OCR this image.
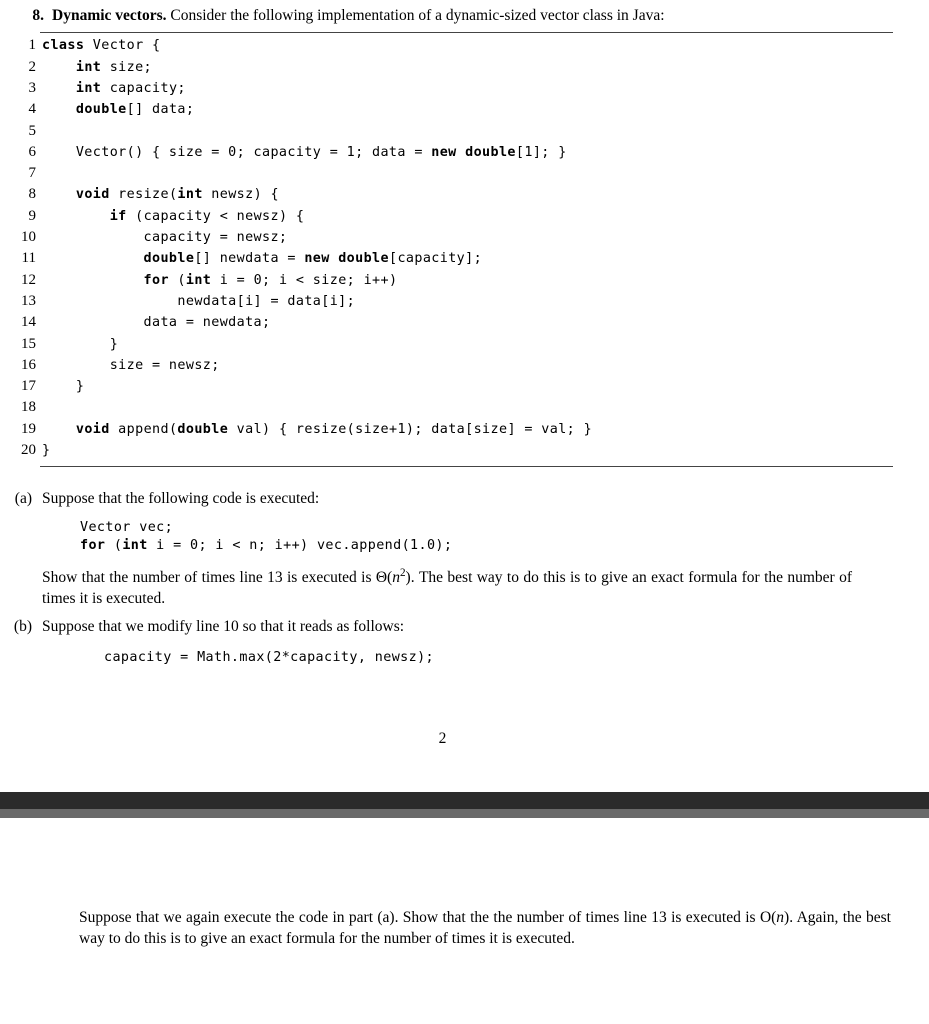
8. Dynamic vectors. Consider the following implementation of a dynamic-sized vector class in Java:
1 class Vector {
2	int size;
3	int capacity;
4	double[] data;
5
6 Vector() { size = 0; capacity = 1; data = new double[1]; }
7
8	void resize(int newsz) {
9	if (capacity < newsz) {
10 capacity = newsz;
11	double[] newdata = new double[capacity];
12	for (int i = 0; i < size; i++)
13 newdata[i] = data[i];
14 data = newdata;
15 }
16 size = newsz;
17 }
18
19	void append(double val) { resize(size+1); data[size] = val; }
20 }
(a) Suppose that the following code is executed:

Vector vec;
for (int i = 0; i < n; i++) vec.append(1.0);

Show that the number of times line 13 is executed is $\Theta(n^2)$. The best way to do this is to give an exact formula for the number of times it is executed.

(b) Suppose that we modify line 10 so that it reads as follows:

capacity = Math.max(2*capacity, newsz);
2

Suppose that we again execute the code in part (a). Show that the the number of times line 13 is executed is O(n). Again, the best way to do this is to give an exact formula for the number of times it is executed.
